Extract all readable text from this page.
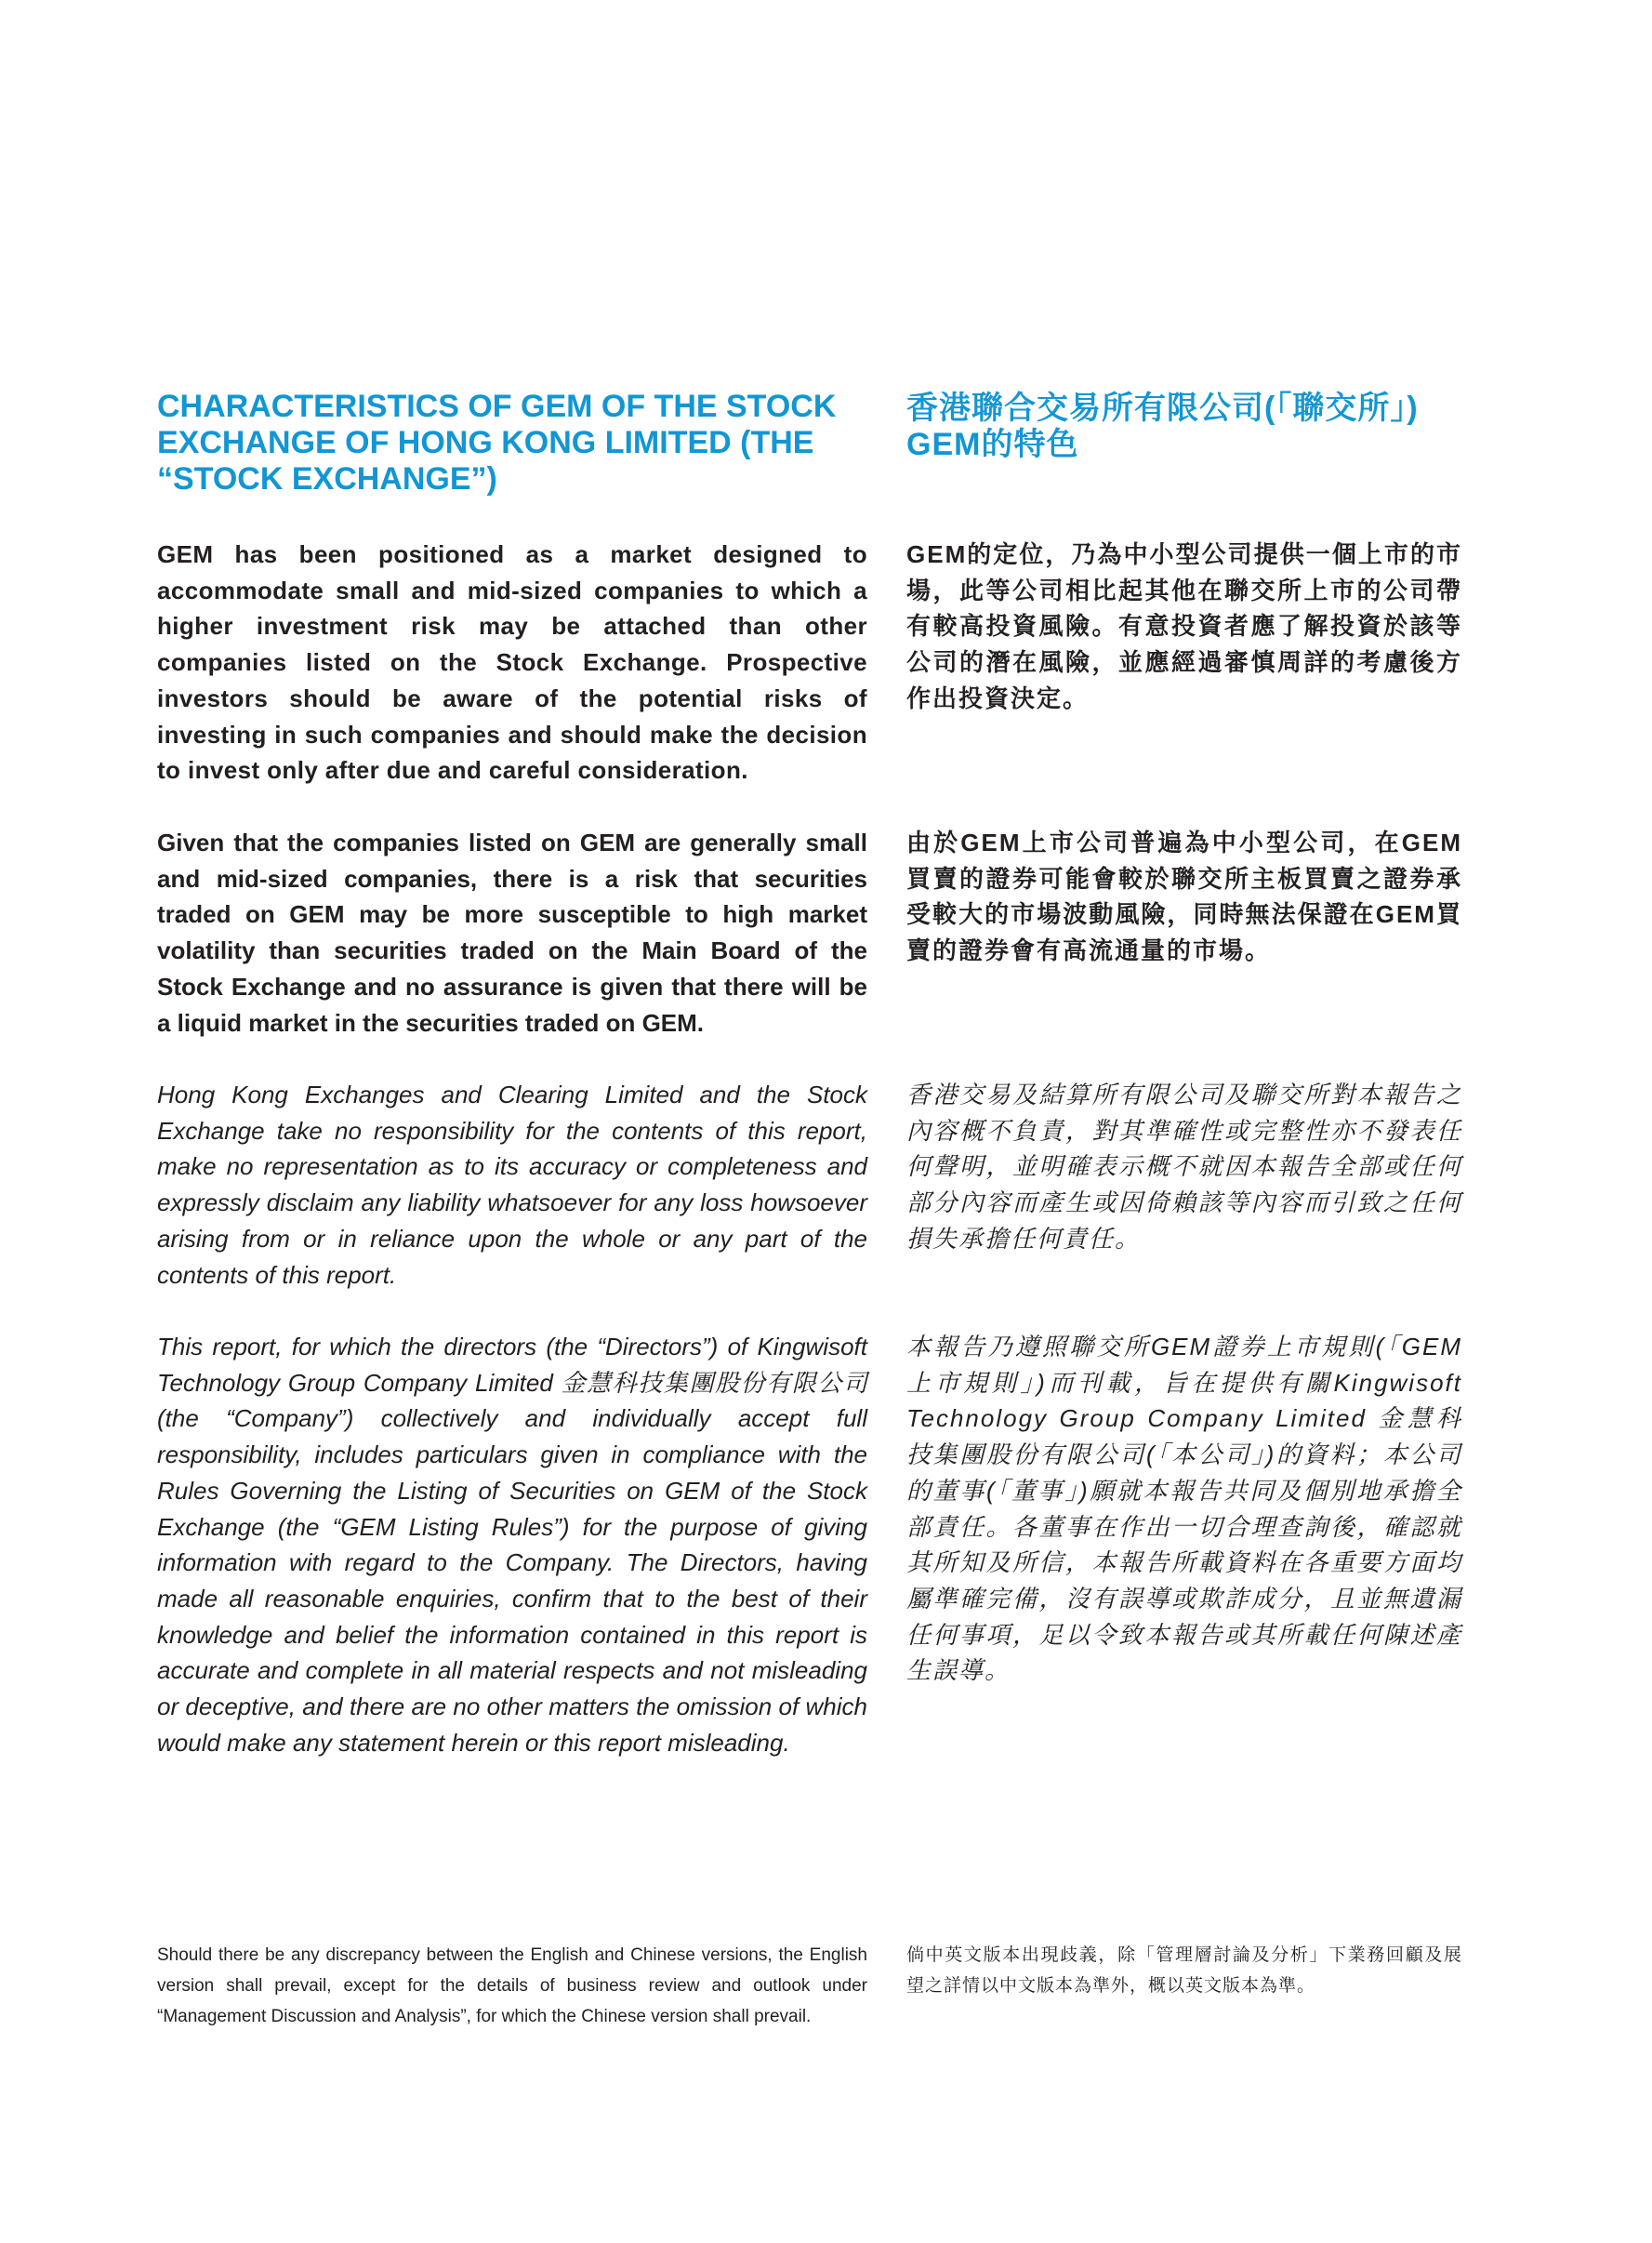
CHARACTERISTICS OF GEM OF THE STOCK EXCHANGE OF HONG KONG LIMITED (THE “STOCK EXCHANGE”)

GEM has been positioned as a market designed to accommodate small and mid-sized companies to which a higher investment risk may be attached than other companies listed on the Stock Exchange. Prospective investors should be aware of the potential risks of investing in such companies and should make the decision to invest only after due and careful consideration.

Given that the companies listed on GEM are generally small and mid-sized companies, there is a risk that securities traded on GEM may be more susceptible to high market volatility than securities traded on the Main Board of the Stock Exchange and no assurance is given that there will be a liquid market in the securities traded on GEM.

Hong Kong Exchanges and Clearing Limited and the Stock Exchange take no responsibility for the contents of this report, make no representation as to its accuracy or completeness and expressly disclaim any liability whatsoever for any loss howsoever arising from or in reliance upon the whole or any part of the contents of this report.

This report, for which the directors (the “Directors”) of Kingwisoft Technology Group Company Limited 金慧科技集團股份有限公司 (the “Company”) collectively and individually accept full responsibility, includes particulars given in compliance with the Rules Governing the Listing of Securities on GEM of the Stock Exchange (the “GEM Listing Rules”) for the purpose of giving information with regard to the Company. The Directors, having made all reasonable enquiries, confirm that to the best of their knowledge and belief the information contained in this report is accurate and complete in all material respects and not misleading or deceptive, and there are no other matters the omission of which would make any statement herein or this report misleading.

Should there be any discrepancy between the English and Chinese versions, the English version shall prevail, except for the details of business review and outlook under “Management Discussion and Analysis”, for which the Chinese version shall prevail.

香港聯合交易所有限公司(「聯交所」) GEM的特色

GEM的定位，乃為中小型公司提供一個上市的市場，此等公司相比起其他在聯交所上市的公司帶有較高投資風險。有意投資者應了解投資於該等公司的潛在風險，並應經過審慎周詳的考慮後方作出投資決定。

由於GEM上市公司普遍為中小型公司，在GEM買賣的證券可能會較於聯交所主板買賣之證券承受較大的市場波動風險，同時無法保證在GEM買賣的證券會有高流通量的市場。

香港交易及結算所有限公司及聯交所對本報告之內容概不負責，對其準確性或完整性亦不發表任何聲明，並明確表示概不就因本報告全部或任何部分內容而產生或因倚賴該等內容而引致之任何損失承擔任何責任。

本報告乃遵照聯交所GEM證券上市規則(「GEM上市規則」)而刊載，旨在提供有關Kingwisoft Technology Group Company Limited 金慧科技集團股份有限公司(「本公司」)的資料；本公司的董事(「董事」)願就本報告共同及個別地承擔全部責任。各董事在作出一切合理查詢後，確認就其所知及所信，本報告所載資料在各重要方面均屬準確完備，沒有誤導或欺詐成分，且並無遺漏任何事項，足以令致本報告或其所載任何陳述產生誤導。

倘中英文版本出現歧義，除「管理層討論及分析」下業務回顧及展望之詳情以中文版本為準外，概以英文版本為準。
